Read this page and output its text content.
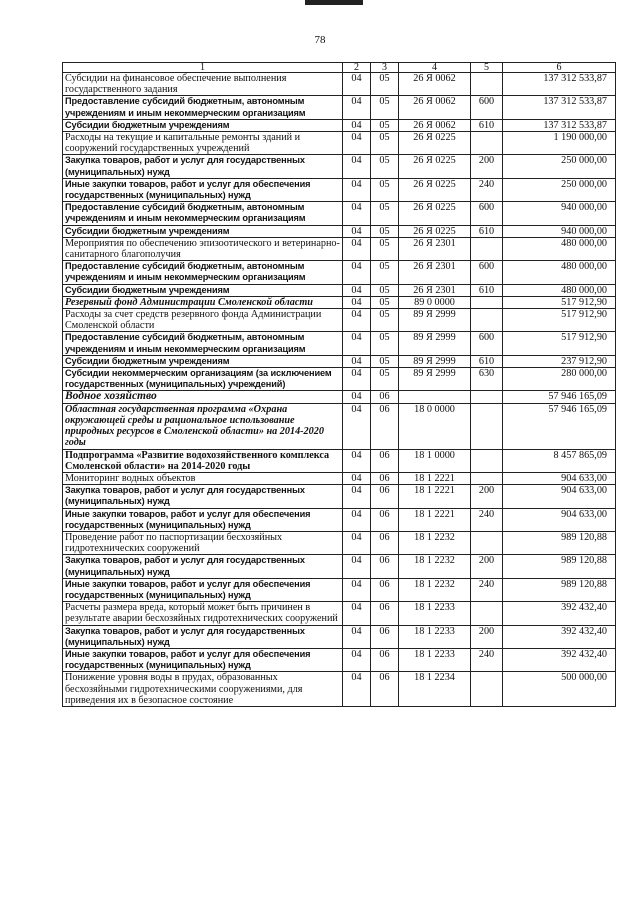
78
1	2	3	4	5	6
Субсидии на финансовое обеспечение выполнения государственного задания	04	05	26 Я 0062		137 312 533,87
Предоставление субсидий бюджетным, автономным учреждениям и иным некоммерческим организациям	04	05	26 Я 0062	600	137 312 533,87
Субсидии бюджетным учреждениям	04	05	26 Я 0062	610	137 312 533,87
Расходы на текущие и капитальные ремонты зданий и сооружений государственных учреждений	04	05	26 Я 0225		1 190 000,00
Закупка товаров, работ и услуг для государственных (муниципальных) нужд	04	05	26 Я 0225	200	250 000,00
Иные закупки товаров, работ и услуг для обеспечения государственных (муниципальных) нужд	04	05	26 Я 0225	240	250 000,00
Предоставление субсидий бюджетным, автономным учреждениям и иным некоммерческим организациям	04	05	26 Я 0225	600	940 000,00
Субсидии бюджетным учреждениям	04	05	26 Я 0225	610	940 000,00
Мероприятия по обеспечению эпизоотического и ветеринарно-санитарного благополучия	04	05	26 Я 2301		480 000,00
Предоставление субсидий бюджетным, автономным учреждениям и иным некоммерческим организациям	04	05	26 Я 2301	600	480 000,00
Субсидии бюджетным учреждениям	04	05	26 Я 2301	610	480 000,00
Резервный фонд Администрации Смоленской области	04	05	89 0 0000		517 912,90
Расходы за счет средств резервного фонда Администрации Смоленской области	04	05	89 Я 2999		517 912,90
Предоставление субсидий бюджетным, автономным учреждениям и иным некоммерческим организациям	04	05	89 Я 2999	600	517 912,90
Субсидии бюджетным учреждениям	04	05	89 Я 2999	610	237 912,90
Субсидии некоммерческим организациям (за исключением государственных (муниципальных) учреждений)	04	05	89 Я 2999	630	280 000,00
Водное хозяйство	04	06			57 946 165,09
Областная государственная программа «Охрана окружающей среды и рациональное использование природных ресурсов в Смоленской области» на 2014-2020 годы	04	06	18 0 0000		57 946 165,09
Подпрограмма «Развитие водохозяйственного комплекса Смоленской области» на 2014-2020 годы	04	06	18 1 0000		8 457 865,09
Мониторинг водных объектов	04	06	18 1 2221		904 633,00
Закупка товаров, работ и услуг для государственных (муниципальных) нужд	04	06	18 1 2221	200	904 633,00
Иные закупки товаров, работ и услуг для обеспечения государственных (муниципальных) нужд	04	06	18 1 2221	240	904 633,00
Проведение работ по паспортизации бесхозяйных гидротехнических сооружений	04	06	18 1 2232		989 120,88
Закупка товаров, работ и услуг для государственных (муниципальных) нужд	04	06	18 1 2232	200	989 120,88
Иные закупки товаров, работ и услуг для обеспечения государственных (муниципальных) нужд	04	06	18 1 2232	240	989 120,88
Расчеты размера вреда, который может быть причинен в результате аварии бесхозяйных гидротехнических сооружений	04	06	18 1 2233		392 432,40
Закупка товаров, работ и услуг для государственных (муниципальных) нужд	04	06	18 1 2233	200	392 432,40
Иные закупки товаров, работ и услуг для обеспечения государственных (муниципальных) нужд	04	06	18 1 2233	240	392 432,40
Понижение уровня воды в прудах, образованных бесхозяйными гидротехническими сооружениями, для приведения их в безопасное состояние	04	06	18 1 2234		500 000,00
